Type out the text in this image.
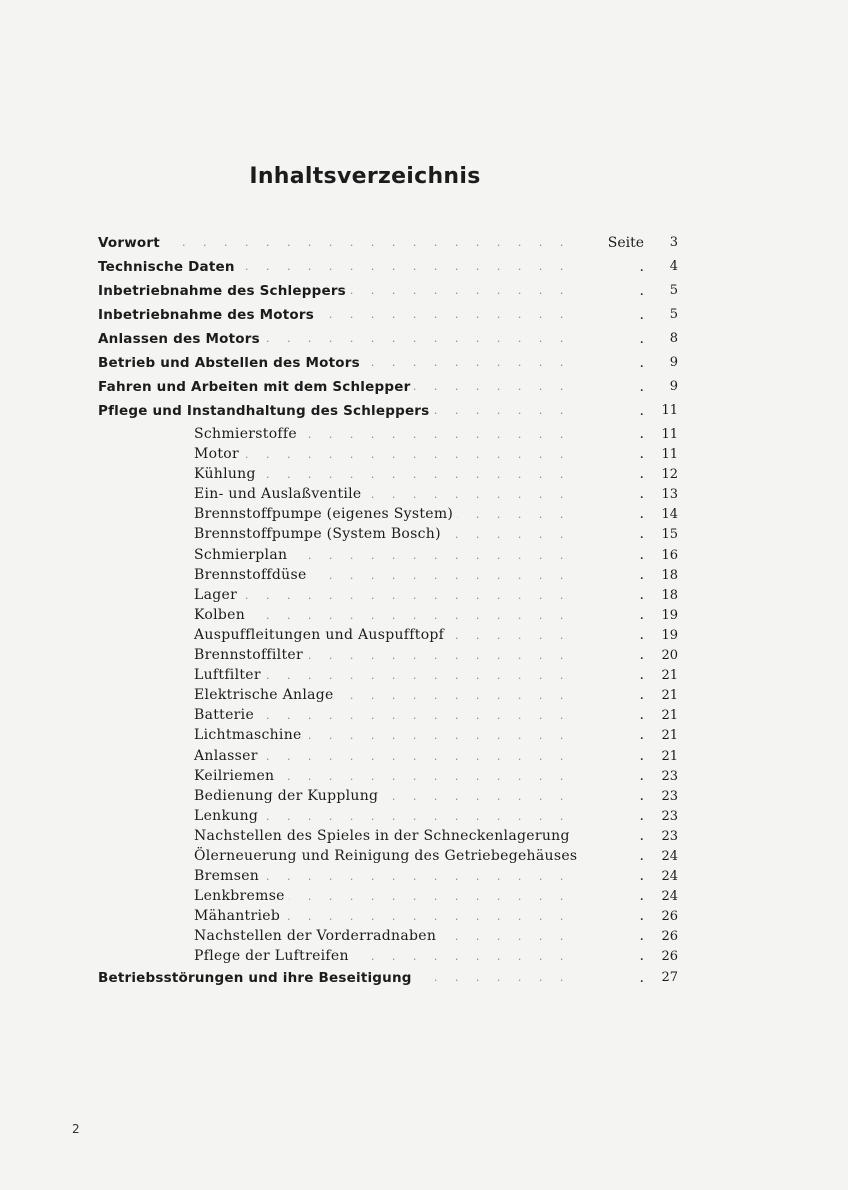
Inhaltsverzeichnis
. . .
Vorwort	Seite	3
. . .
Technische Daten	.	4
. . .
Inbetriebnahme des Schleppers	.	5
. . .
Inbetriebnahme des Motors	.	5
. . .
Anlassen des Motors	.	8
. . .
Betrieb und Abstellen des Motors	.	9
. . .
Fahren und Arbeiten mit dem Schlepper	.	9
. . .
Pflege und Instandhaltung des Schleppers	.	11
. . .
Schmierstoffe	.	11
. . .
Motor	.	11
. . .
Kühlung	.	12
. . .
Ein- und Auslaßventile	.	13
. . .
Brennstoffpumpe (eigenes System)	.	14
. . .
Brennstoffpumpe (System Bosch)	.	15
. . .
Schmierplan	.	16
. . .
Brennstoffdüse	.	18
. . .
Lager	.	18
. . .
Kolben	.	19
. . .
Auspuffleitungen und Auspufftopf	.	19
. . .
Brennstoffilter	.	20
. . .
Luftfilter	.	21
. . .
Elektrische Anlage	.	21
. . .
Batterie	.	21
. . .
Lichtmaschine	.	21
. . .
Anlasser	.	21
. . .
Keilriemen	.	23
. . .
Bedienung der Kupplung	.	23
. . .
Lenkung	.	23
. . .
Nachstellen des Spieles in der Schneckenlagerung	.	23
. . .
Ölerneuerung und Reinigung des Getriebegehäuses	.	24
. . .
Bremsen	.	24
. . .
Lenkbremse	.	24
. . .
Mähantrieb	.	26
. . .
Nachstellen der Vorderradnaben	.	26
. . .
Pflege der Luftreifen	.	26
. . .
Betriebsstörungen und ihre Beseitigung	.	27
2
